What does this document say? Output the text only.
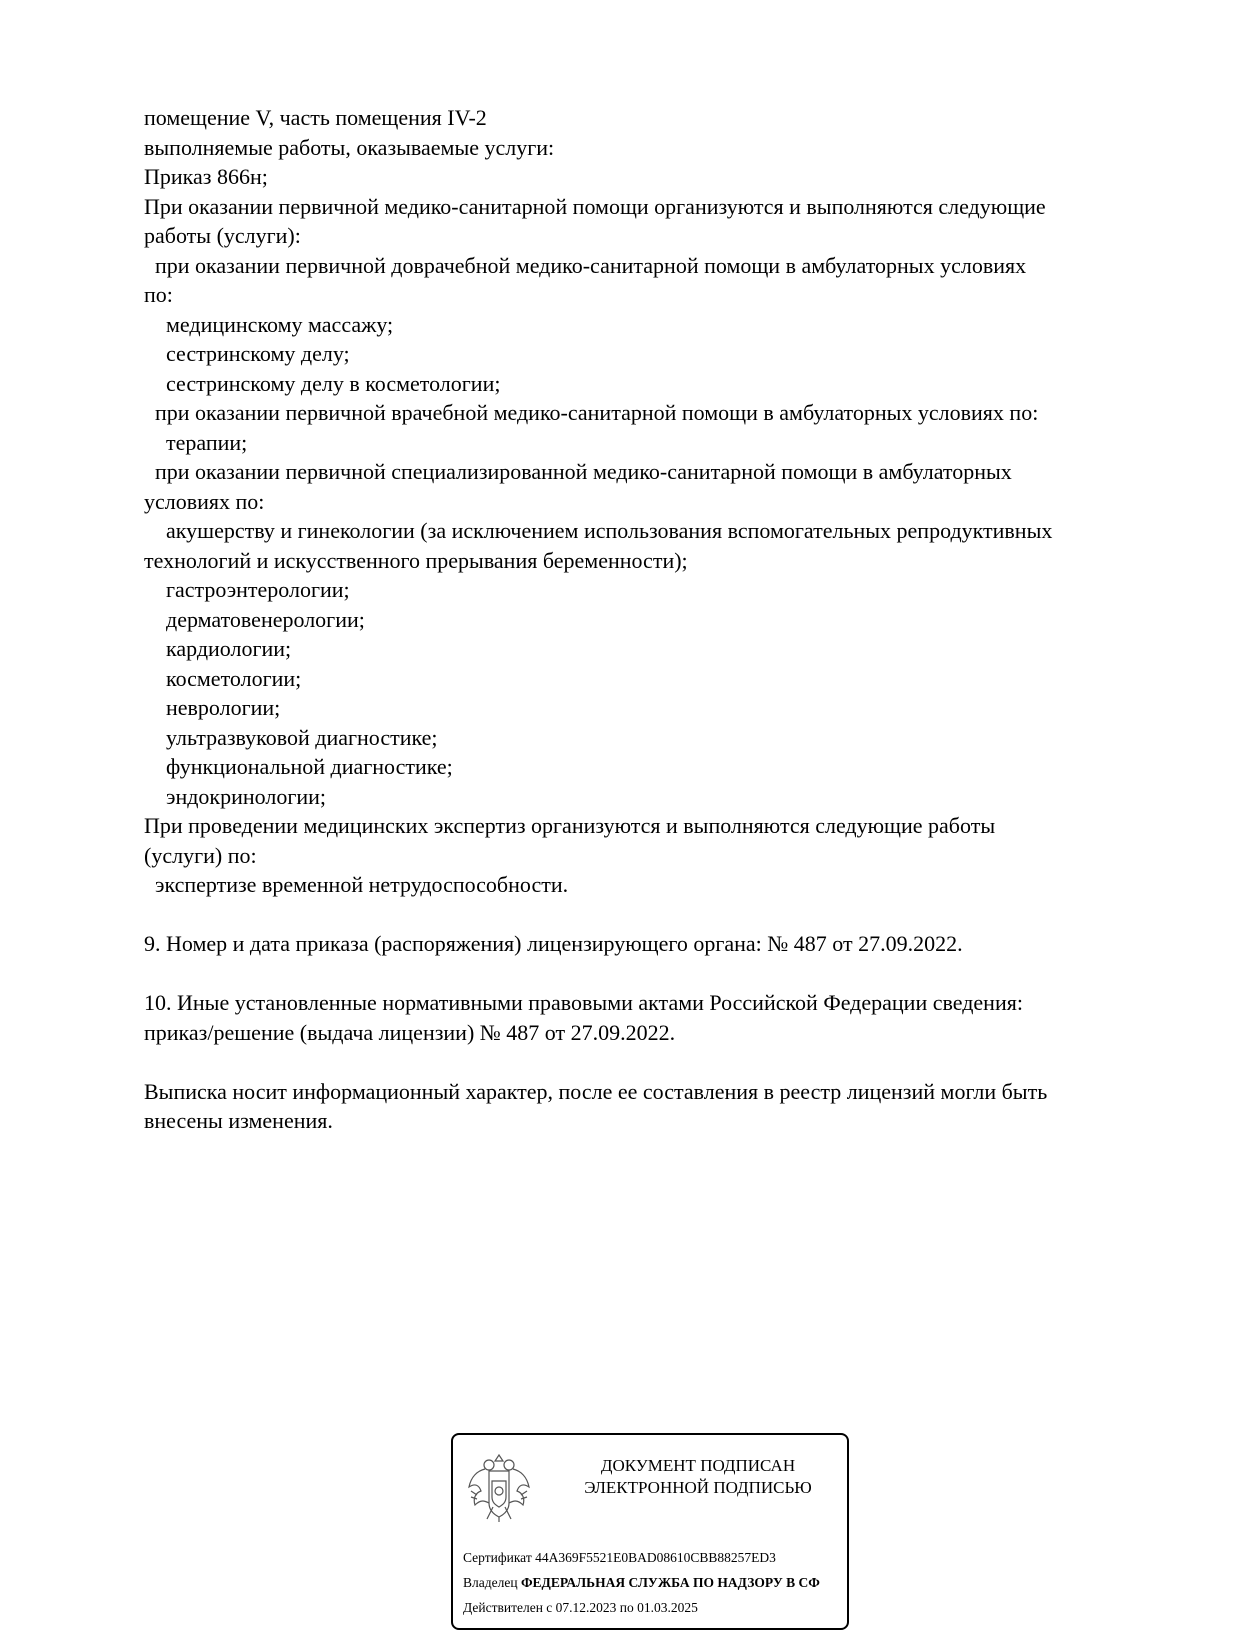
помещение V, часть помещения IV-2
выполняемые работы, оказываемые услуги:
Приказ 866н;
При оказании первичной медико-санитарной помощи организуются и выполняются следующие
работы (услуги):
при оказании первичной доврачебной медико-санитарной помощи в амбулаторных условиях
по:
медицинскому массажу;
сестринскому делу;
сестринскому делу в косметологии;
при оказании первичной врачебной медико-санитарной помощи в амбулаторных условиях по:
терапии;
при оказании первичной специализированной медико-санитарной помощи в амбулаторных
условиях по:
акушерству и гинекологии (за исключением использования вспомогательных репродуктивных
технологий и искусственного прерывания беременности);
гастроэнтерологии;
дерматовенерологии;
кардиологии;
косметологии;
неврологии;
ультразвуковой диагностике;
функциональной диагностике;
эндокринологии;
При проведении медицинских экспертиз организуются и выполняются следующие работы
(услуги) по:
экспертизе временной нетрудоспособности.
9. Номер и дата приказа (распоряжения) лицензирующего органа: № 487 от 27.09.2022.
10. Иные установленные нормативными правовыми актами Российской Федерации сведения:
приказ/решение (выдача лицензии) № 487 от 27.09.2022.
Выписка носит информационный характер, после ее составления в реестр лицензий могли быть
внесены изменения.
ДОКУМЕНТ ПОДПИСАН
ЭЛЕКТРОННОЙ ПОДПИСЬЮ
Сертификат 44A369F5521E0BAD08610CBB88257ED3
Владелец ФЕДЕРАЛЬНАЯ СЛУЖБА ПО НАДЗОРУ В СФ
Действителен с 07.12.2023 по 01.03.2025
